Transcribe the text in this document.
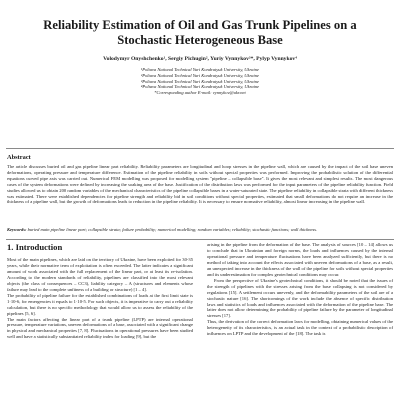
Reliability Estimation of Oil and Gas Trunk Pipelines on a Stochastic Heterogeneous Base
Volodymyr Onyshchenko¹, Sergiy Pichugin², Yuriy Vynnykov³*, Pylyp Vynnykov⁴
¹Poltava National Technical Yuri Kondratyuk University, Ukraine
²Poltava National Technical Yuri Kondratyuk University, Ukraine
³Poltava National Technical Yuri Kondratyuk University, Ukraine
⁴Poltava National Technical Yuri Kondratyuk University, Ukraine
*Corresponding author E-mail: vynnykov@ukr.net
Abstract
The article discusses buried oil and gas pipeline linear part reliability. Reliability parameters are longitudinal and hoop stresses in the pipeline wall, which are caused by the impact of the soil base uneven deformations, operating pressure and temperature difference. Estimation of the pipeline reliability in soils without special properties was performed. Improving the probabilistic solution of the differential equations curved pipe axis was carried out. Numerical FEM modelling was proposed for modelling system "pipeline – collapsible base". It gives the most relevant and simplest results. The most dangerous cases of the system deformations were defined by increasing the soaking area of the base. Justification of the distribution laws was performed for the input parameters of the pipeline reliability function. Field studies allowed us to obtain 200 random variables of the mechanical characteristics of the pipeline collapsible bases in a water-saturated state. The pipeline reliability in collapsible strata with different thickness was estimated. There were established dependencies for pipeline strength and reliability bid in soil conditions without special properties, estimated that small deformations do not require an increase in the thickness of a pipeline wall, but the growth of deformations leads to reduction in the pipeline reliability. It is necessary to ensure normative reliability, almost linear increasing in the pipeline wall.
Keywords: buried main pipeline linear part; collapsible strata; failure probability; numerical modelling; random variables; reliability; stochastic functions; wall thickness.
1. Introduction

Most of the main pipelines, which are laid on the territory of Ukraine, have been exploited for 30-35 years, while their normative term of exploitation is often exceeded. The latter indicates a significant amount of work associated with the full replacement of the linear part, or at least its re-isolation. According to the modern standards of reliability, pipelines are classified into the most relevant objects (the class of consequences – CC3), liability category – A (structures and elements whose failure may lead to the complete unfitness of a building or structure) [1 – 4].

The probability of pipeline failure for the established combinations of loads at the first limit state is 1·10-6, for emergencies it equals to 1·10-5. For such objects, it is imperative to carry out a reliability calculation, but there is no specific methodology that would allow us to assess the reliability of the pipelines [5, 6].

The main factors affecting the linear part of a trunk pipeline (LPTP) are internal operational pressure, temperature variations, uneven deformations of a base, associated with a significant change in physical and mechanical properties [7, 8]. Fluctuations in operational pressures have been studied well and have a statistically substantiated reliability index for loading [9], but the

arising in the pipeline from the deformation of the base. The analysis of sources [10 – 14] allows us to conclude that in Ukrainian and foreign norms, the loads and influences caused by the internal operational pressure and temperature fluctuations have been analyzed sufficiently, but there is no method of taking into account the effects associated with uneven deformations of a base, as a result, an unexpected increase in the thickness of the wall of the pipeline for soils without special properties and its underestimation for complex geotechnical conditions may occur.

From the perspective of Ukraine's geotechnical conditions, it should be noted that the issues of the strength of pipelines with the stresses arising from the base collapsing is not considered by regulations [15]. A settlement occurs unevenly, and the deformability parameters of the soil are of a stochastic nature [16]. The shortcomings of the work include the absence of specific distribution laws and statistics of loads and influences associated with the deformation of the pipeline base. The latter does not allow determining the probability of pipeline failure by the parameter of longitudinal stresses [17].

Thus, the derivation of the correct deformation laws for modelling, obtaining numerical values of the heterogeneity of its characteristics, is an actual task in the context of a probabilistic description of influences on LPTP and the development of the [18]. The task is
